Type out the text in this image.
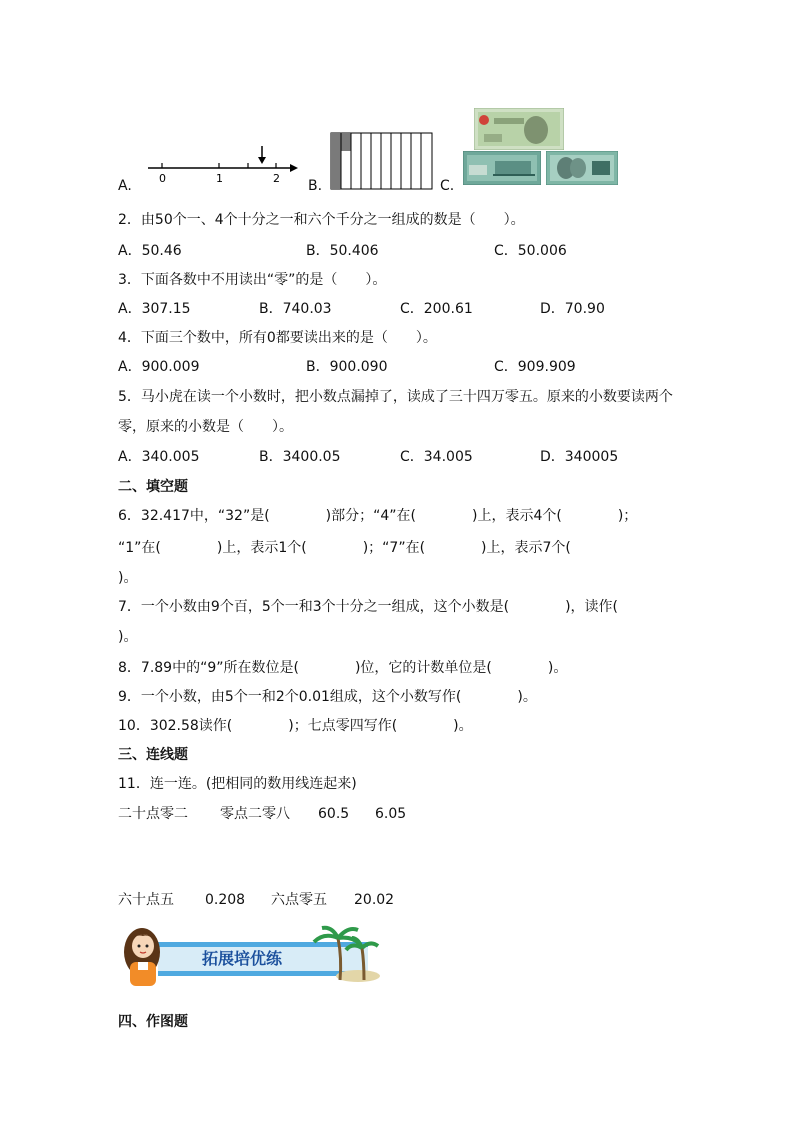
A. 0	1	2 B.	C.
2．由50个一、4个十分之一和六个千分之一组成的数是（　　）。
A．50.46	B．50.406	C．50.006
3．下面各数中不用读出“零”的是（　　）。
A．307.15	B．740.03	C．200.61	D．70.90
4．下面三个数中，所有0都要读出来的是（　　）。
A．900.009	B．900.090	C．909.909
5．马小虎在读一个小数时，把小数点漏掉了，读成了三十四万零五。原来的小数要读两个
零，原来的小数是（　　）。
A．340.005	B．3400.05	C．34.005	D．340005
二、填空题
6．32.417中，“32”是(　　　　)部分；“4”在(　　　　)上，表示4个(　　　　)；
“1”在(　　　　)上，表示1个(　　　　)；“7”在(　　　　)上，表示7个(
)。
7．一个小数由9个百，5个一和3个十分之一组成，这个小数是(　　　　)，读作(
)。
8．7.89中的“9”所在数位是(　　　　)位，它的计数单位是(　　　　)。
9．一个小数，由5个一和2个0.01组成，这个小数写作(　　　　)。
10．302.58读作(　　　　)；七点零四写作(　　　　)。
三、连线题
11．连一连。(把相同的数用线连起来)
二十点零二 零点二零八 60.5 6.05
六十点五 0.208 六点零五 20.02
拓展培优练
四、作图题
